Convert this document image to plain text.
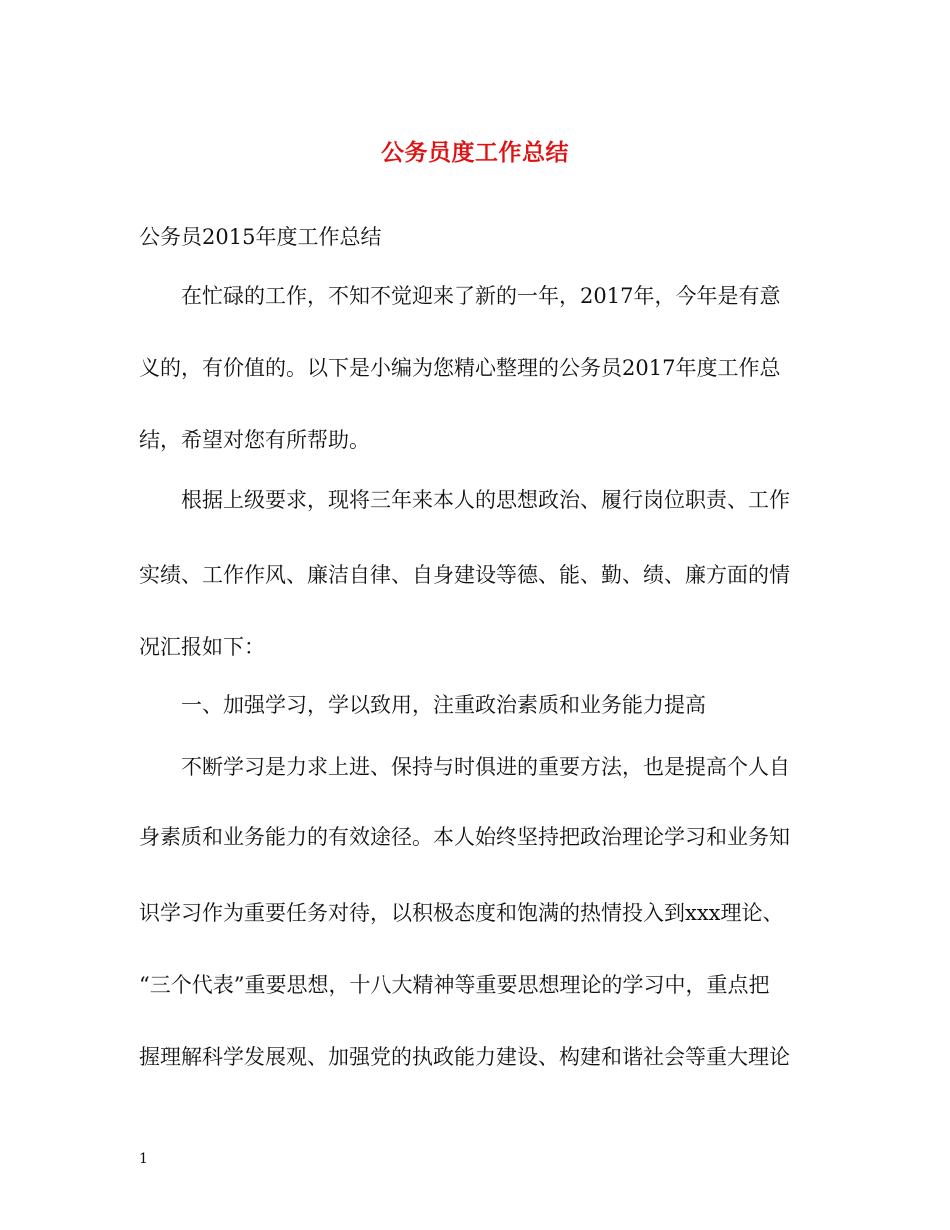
公务员度工作总结
公务员2015年度工作总结
在忙碌的工作，不知不觉迎来了新的一年，2017年，今年是有意
义的，有价值的。以下是小编为您精心整理的公务员2017年度工作总
结，希望对您有所帮助。
根据上级要求，现将三年来本人的思想政治、履行岗位职责、工作
实绩、工作作风、廉洁自律、自身建设等德、能、勤、绩、廉方面的情
况汇报如下：
一、加强学习，学以致用，注重政治素质和业务能力提高
不断学习是力求上进、保持与时俱进的重要方法，也是提高个人自
身素质和业务能力的有效途径。本人始终坚持把政治理论学习和业务知
识学习作为重要任务对待，以积极态度和饱满的热情投入到xxx理论、
“三个代表”重要思想，十八大精神等重要思想理论的学习中，重点把
握理解科学发展观、加强党的执政能力建设、构建和谐社会等重大理论
1
